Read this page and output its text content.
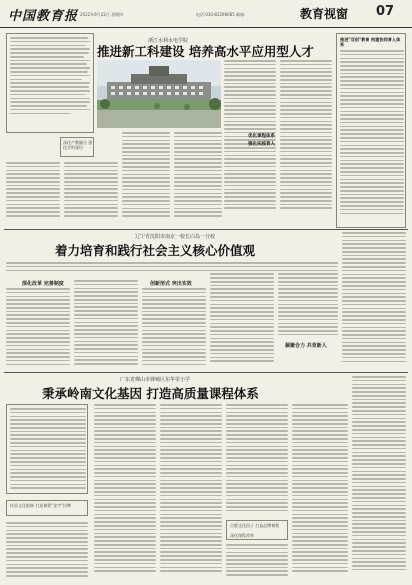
中国教育报 2022年9月22日 星期四	电话:010-82296685 邮箱:	教育视窗 07
浙江水利水电学院
推进新工科建设 培养高水平应用型人才
优化课程体系
强化实践育人
推进"双创"教育 构建协同育人体系
深化产教融合 强化学科建设
辽宁省沈阳市南京一校长白岛一分校
着力培育和践行社会主义核心价值观
深化改革 完善制度	创新形式 突出实效
凝聚合力 共育新人
广东省佛山市禅城区东华里小学
秉承岭南文化基因 打造高质量课程体系
传承文化根脉 打造课程"金字"招牌
点燃文化因子 打造品牌课程
深化课程改革
